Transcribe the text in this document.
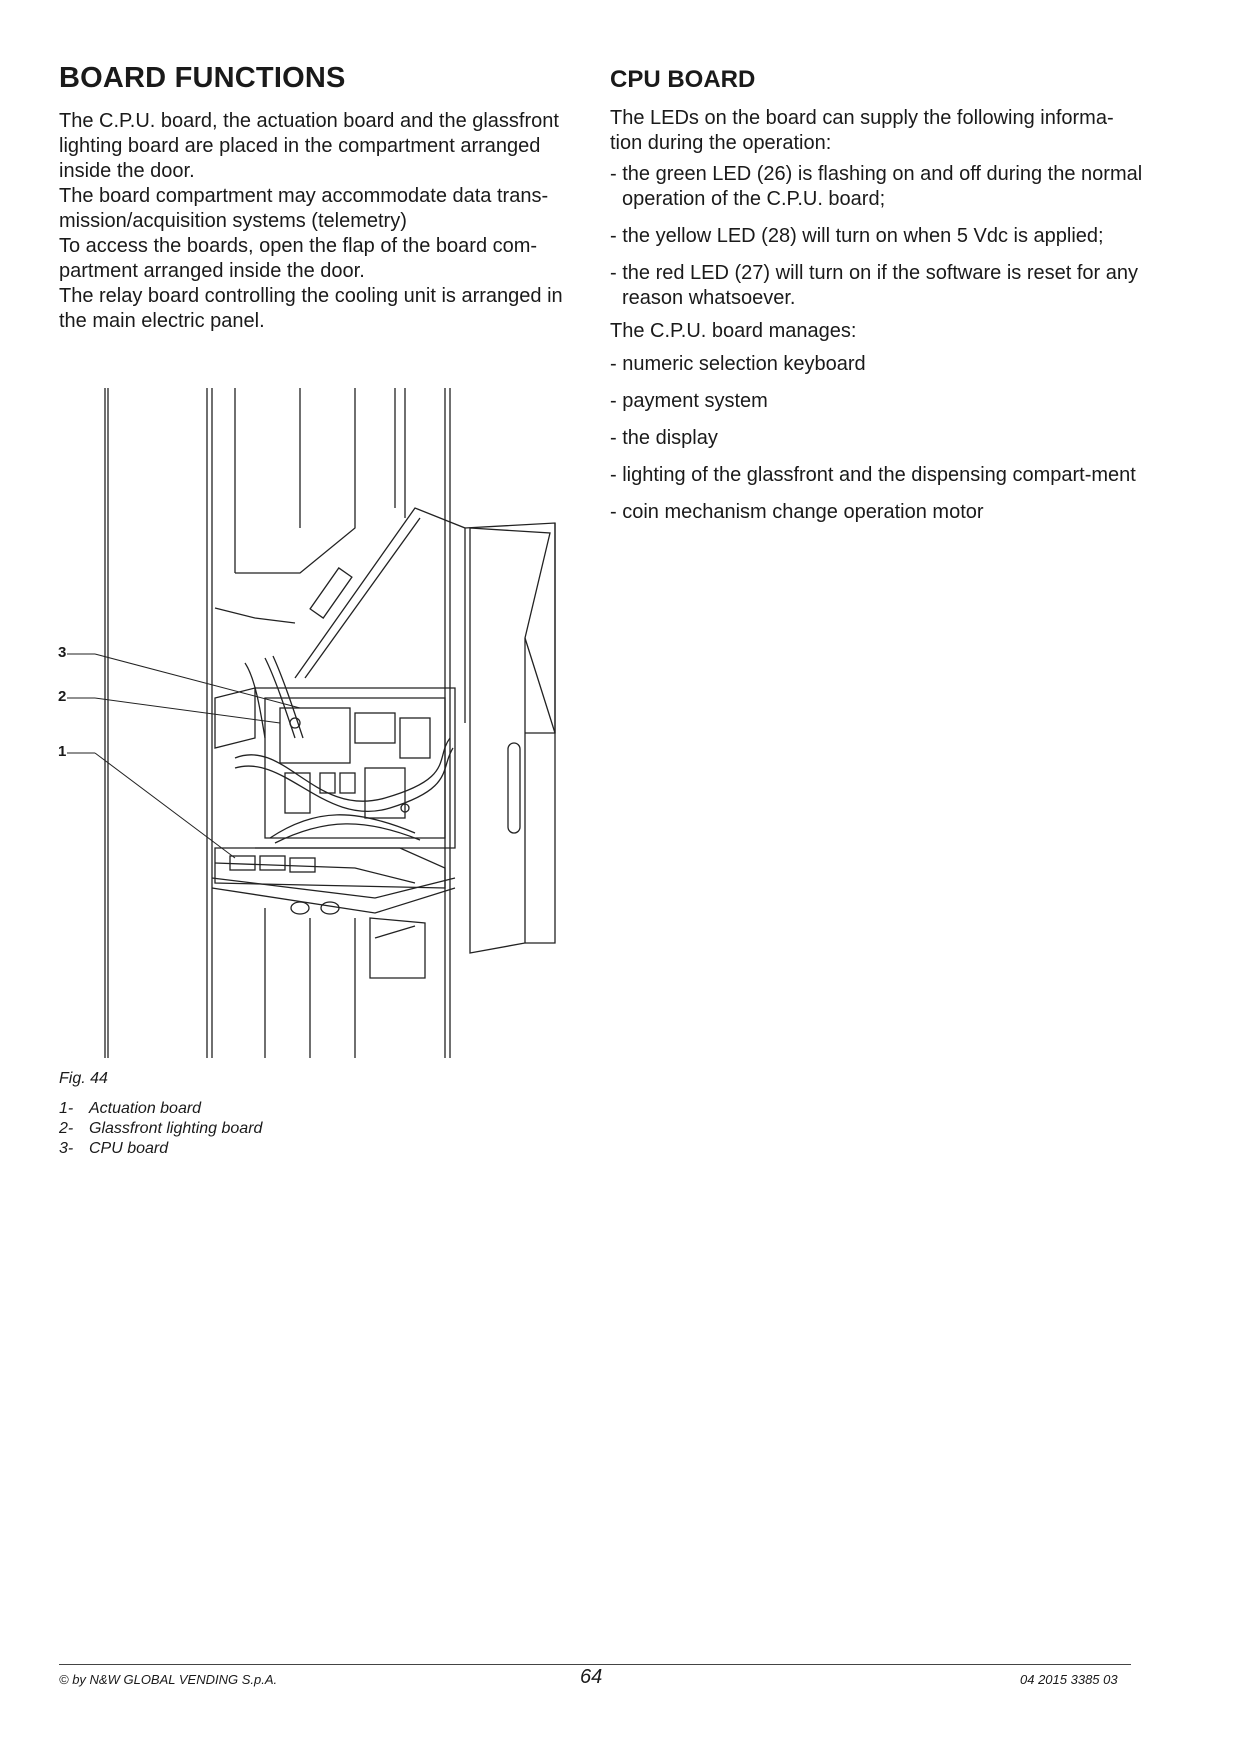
BOARD FUNCTIONS
The C.P.U. board, the actuation board and the glassfront
lighting board are placed in the compartment arranged
inside the door.
The board compartment may accommodate data trans-
mission/acquisition systems (telemetry)
To access the boards, open the flap of the board com-
partment arranged inside the door.
The relay board controlling the cooling unit is arranged in
the main electric panel.
CPU BOARD
The LEDs on the board can supply the following informa-
tion during the operation:
- the green LED (26) is flashing on and off during the normal operation of the C.P.U. board;
- the yellow LED (28) will turn on when 5 Vdc is applied;
- the red LED (27) will turn on if the software is reset for any reason whatsoever.
The C.P.U. board manages:
- numeric selection keyboard
- payment system
- the display
- lighting of the glassfront and the dispensing compart-ment
- coin mechanism change operation motor
3
2
1
Fig. 44
1- Actuation board
2- Glassfront lighting board
3- CPU board
© by N&W GLOBAL VENDING S.p.A.	64	04 2015 3385 03
